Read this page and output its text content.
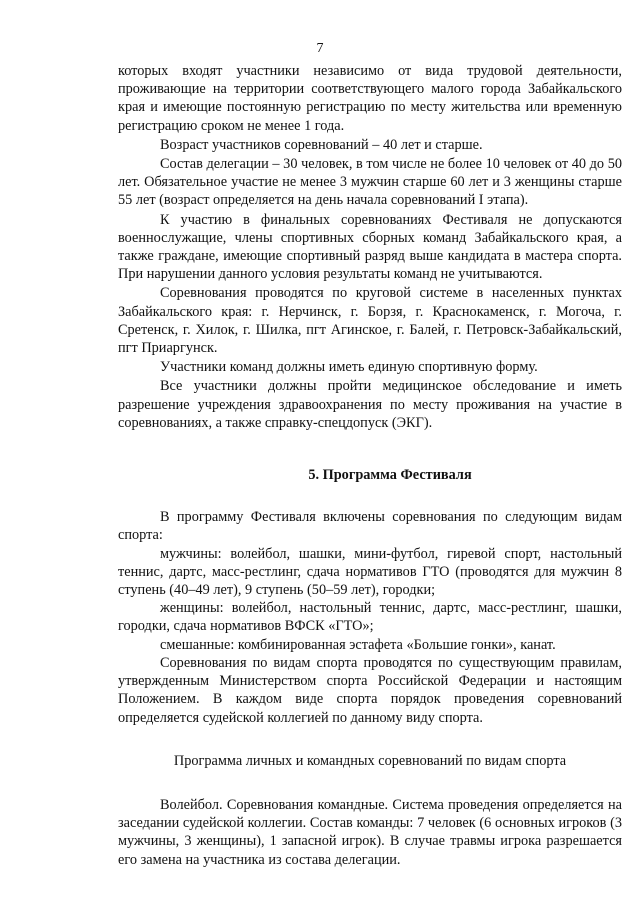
7

которых входят участники независимо от вида трудовой деятельности, проживающие на территории соответствующего малого города Забайкальского края и имеющие постоянную регистрацию по месту жительства или временную регистрацию сроком не менее 1 года.

Возраст участников соревнований – 40 лет и старше.

Состав делегации – 30 человек, в том числе не более 10 человек от 40 до 50 лет. Обязательное участие не менее 3 мужчин старше 60 лет и 3 женщины старше 55 лет (возраст определяется на день начала соревнований I этапа).

К участию в финальных соревнованиях Фестиваля не допускаются военнослужащие, члены спортивных сборных команд Забайкальского края, а также граждане, имеющие спортивный разряд выше кандидата в мастера спорта. При нарушении данного условия результаты команд не учитываются.

Соревнования проводятся по круговой системе в населенных пунктах Забайкальского края: г. Нерчинск, г. Борзя, г. Краснокаменск, г. Могоча, г. Сретенск, г. Хилок, г. Шилка, пгт Агинское, г. Балей, г. Петровск-Забайкальский, пгт Приаргунск.

Участники команд должны иметь единую спортивную форму.

Все участники должны пройти медицинское обследование и иметь разрешение учреждения здравоохранения по месту проживания на участие в соревнованиях, а также справку-спецдопуск (ЭКГ).

5. Программа Фестиваля

В программу Фестиваля включены соревнования по следующим видам спорта:

мужчины: волейбол, шашки, мини-футбол, гиревой спорт, настольный теннис, дартс, масс-рестлинг, сдача нормативов ГТО (проводятся для мужчин 8 ступень (40–49 лет), 9 ступень (50–59 лет), городки;

женщины: волейбол, настольный теннис, дартс, масс-рестлинг, шашки, городки, сдача нормативов ВФСК «ГТО»;

смешанные: комбинированная эстафета «Большие гонки», канат.

Соревнования по видам спорта проводятся по существующим правилам, утвержденным Министерством спорта Российской Федерации и настоящим Положением. В каждом виде спорта порядок проведения соревнований определяется судейской коллегией по данному виду спорта.

Программа личных и командных соревнований по видам спорта

Волейбол. Соревнования командные. Система проведения определяется на заседании судейской коллегии. Состав команды: 7 человек (6 основных игроков (3 мужчины, 3 женщины), 1 запасной игрок). В случае травмы игрока разрешается его замена на участника из состава делегации.
